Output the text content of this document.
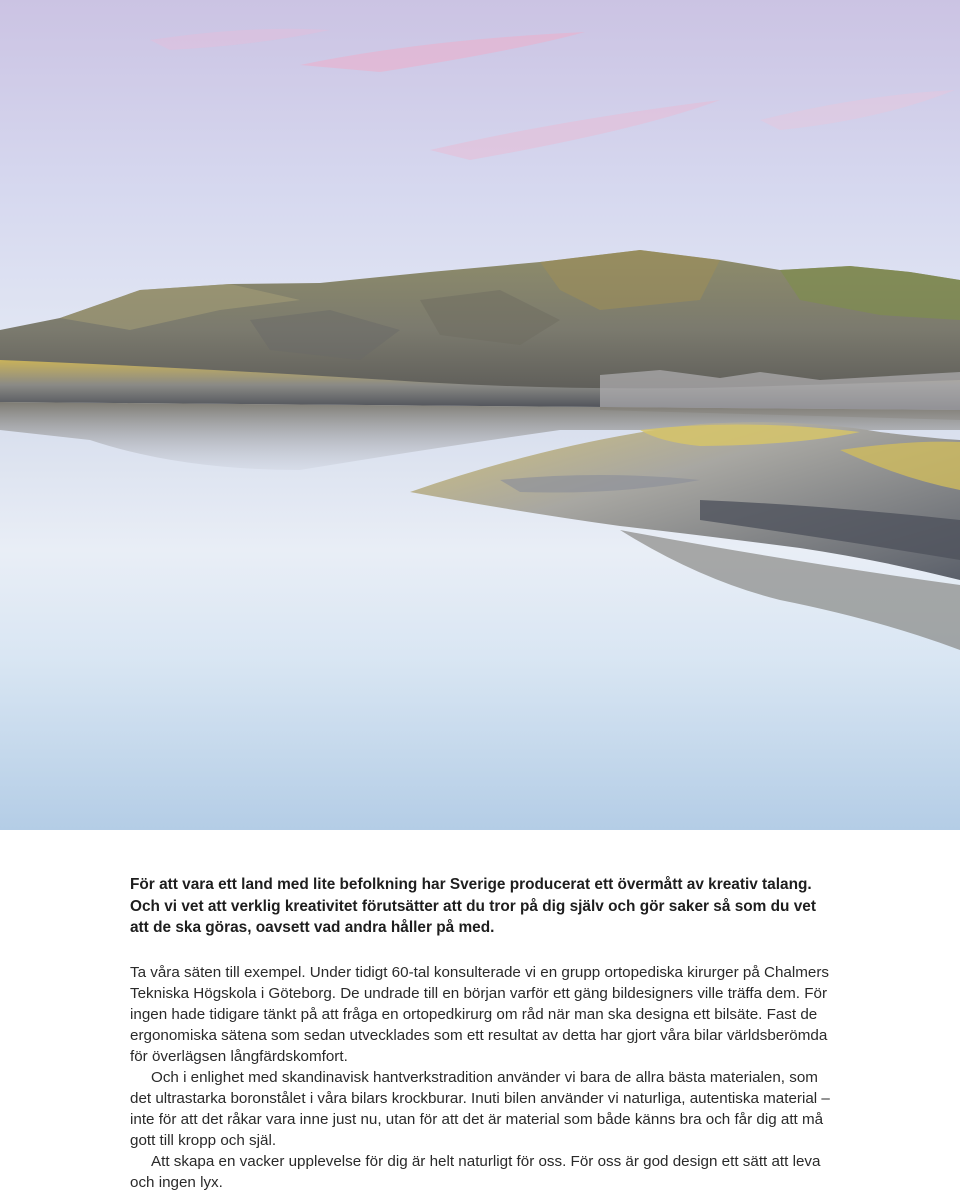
För att vara ett land med lite befolkning har Sverige producerat ett övermått av kreativ talang. Och vi vet att verklig kreativitet förutsätter att du tror på dig själv och gör saker så som du vet att de ska göras, oavsett vad andra håller på med.

Ta våra säten till exempel. Under tidigt 60-tal konsulterade vi en grupp ortopediska kirurger på Chalmers Tekniska Högskola i Göteborg. De undrade till en början varför ett gäng bildesigners ville träffa dem. För ingen hade tidigare tänkt på att fråga en ortopedkirurg om råd när man ska designa ett bilsäte. Fast de ergonomiska sätena som sedan utvecklades som ett resultat av detta har gjort våra bilar världsberömda för överlägsen långfärdskomfort.

Och i enlighet med skandinavisk hantverkstradition använder vi bara de allra bästa materialen, som det ultrastarka boronstålet i våra bilars krockburar. Inuti bilen använder vi naturliga, autentiska material – inte för att det råkar vara inne just nu, utan för att det är material som både känns bra och får dig att må gott till kropp och själ.

Att skapa en vacker upplevelse för dig är helt naturligt för oss. För oss är god design ett sätt att leva och ingen lyx.
